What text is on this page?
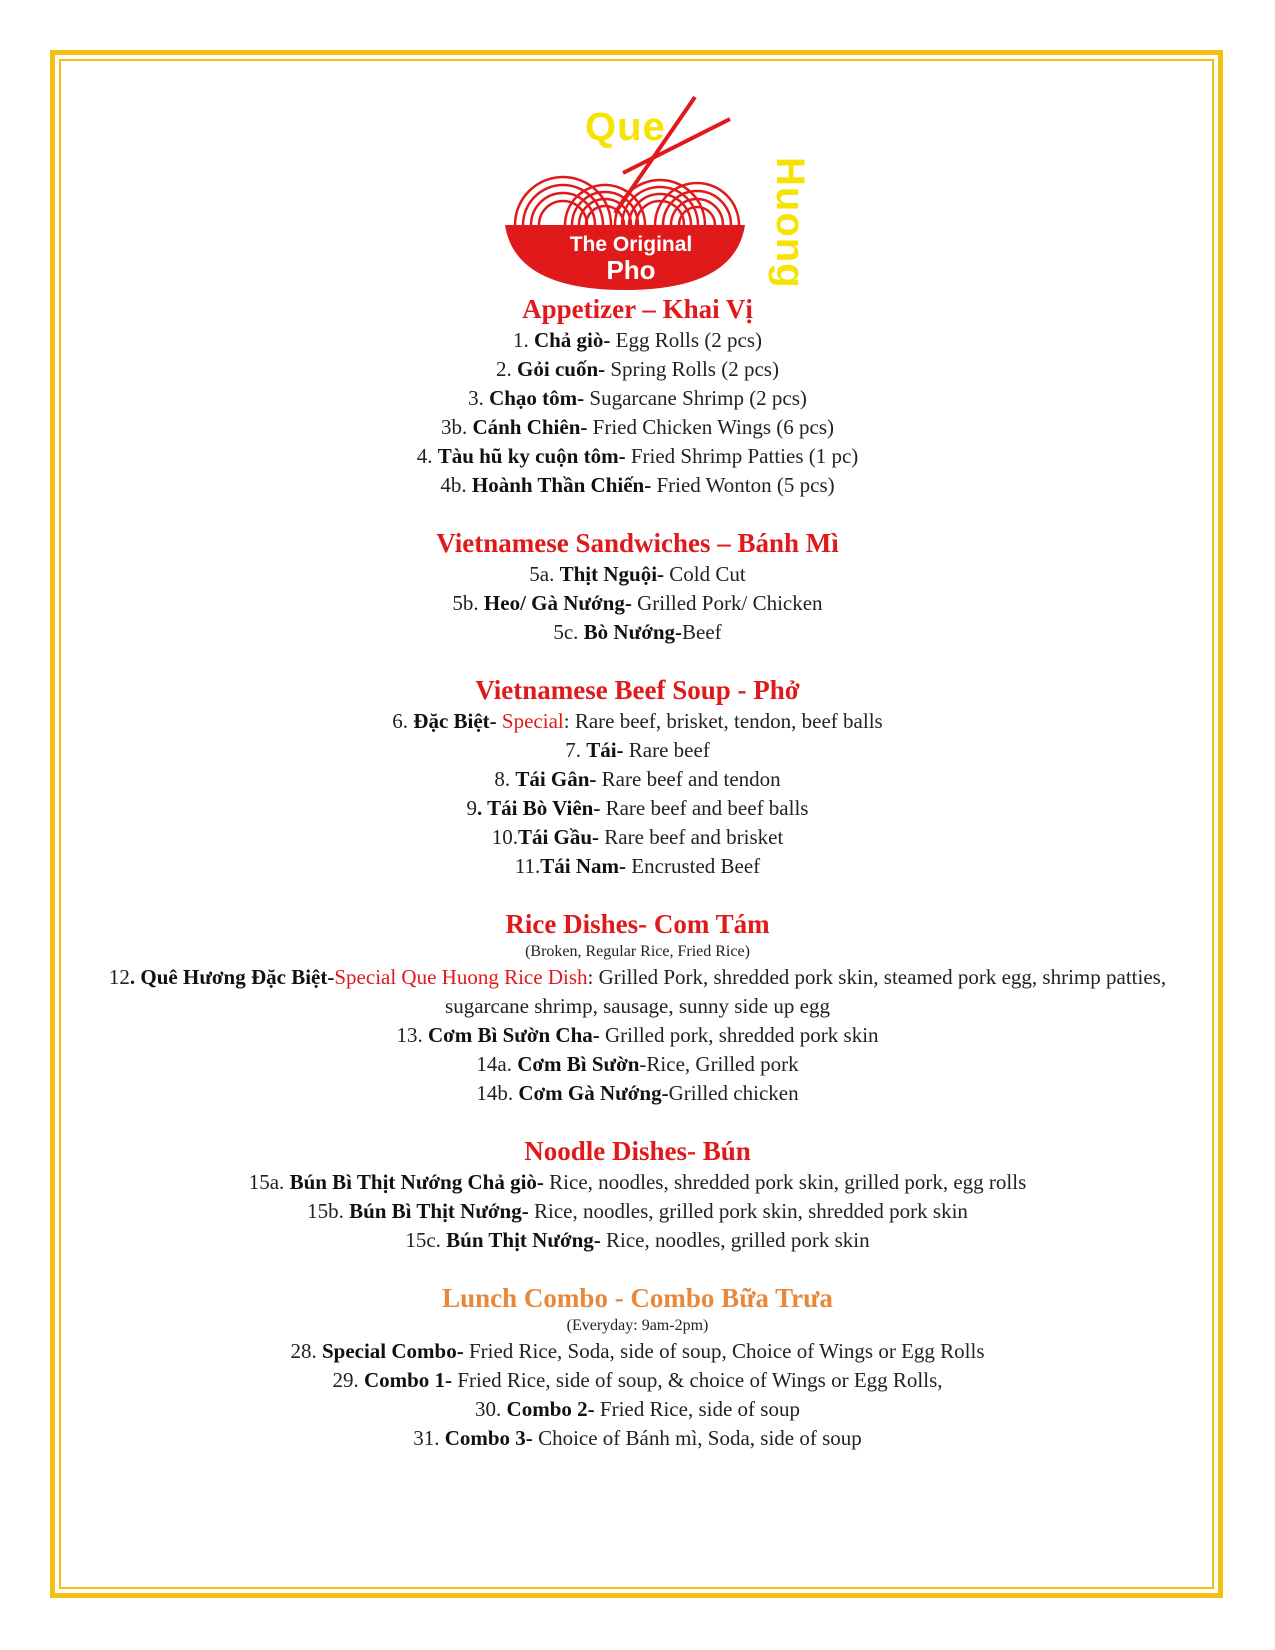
Que
Huong
The Original
Pho
Appetizer – Khai Vị
1. Chả giò- Egg Rolls (2 pcs)
2. Gỏi cuốn- Spring Rolls (2 pcs)
3. Chạo tôm- Sugarcane Shrimp (2 pcs)
3b. Cánh Chiên- Fried Chicken Wings (6 pcs)
4. Tàu hũ ky cuộn tôm- Fried Shrimp Patties (1 pc)
4b. Hoành Thần Chiến- Fried Wonton (5 pcs)
Vietnamese Sandwiches – Bánh Mì
5a. Thịt Nguội- Cold Cut
5b. Heo/ Gà Nướng- Grilled Pork/ Chicken
5c. Bò Nướng-Beef
Vietnamese Beef Soup - Phở
6. Đặc Biệt- Special: Rare beef, brisket, tendon, beef balls
7. Tái- Rare beef
8. Tái Gân- Rare beef and tendon
9. Tái Bò Viên- Rare beef and beef balls
10.Tái Gầu- Rare beef and brisket
11.Tái Nam- Encrusted Beef
Rice Dishes- Com Tám
(Broken, Regular Rice, Fried Rice)
12. Quê Hương Đặc Biệt-Special Que Huong Rice Dish: Grilled Pork, shredded pork skin, steamed pork egg, shrimp patties, sugarcane shrimp, sausage, sunny side up egg
13. Cơm Bì Sườn Cha- Grilled pork, shredded pork skin
14a. Cơm Bì Sườn-Rice, Grilled pork
14b. Cơm Gà Nướng-Grilled chicken
Noodle Dishes- Bún
15a. Bún Bì Thịt Nướng Chả giò- Rice, noodles, shredded pork skin, grilled pork, egg rolls
15b. Bún Bì Thịt Nướng- Rice, noodles, grilled pork skin, shredded pork skin
15c. Bún Thịt Nướng- Rice, noodles, grilled pork skin
Lunch Combo - Combo Bữa Trưa
(Everyday: 9am-2pm)
28. Special Combo- Fried Rice, Soda, side of soup, Choice of Wings or Egg Rolls
29. Combo 1- Fried Rice, side of soup, & choice of Wings or Egg Rolls,
30. Combo 2- Fried Rice, side of soup
31. Combo 3- Choice of Bánh mì, Soda, side of soup
